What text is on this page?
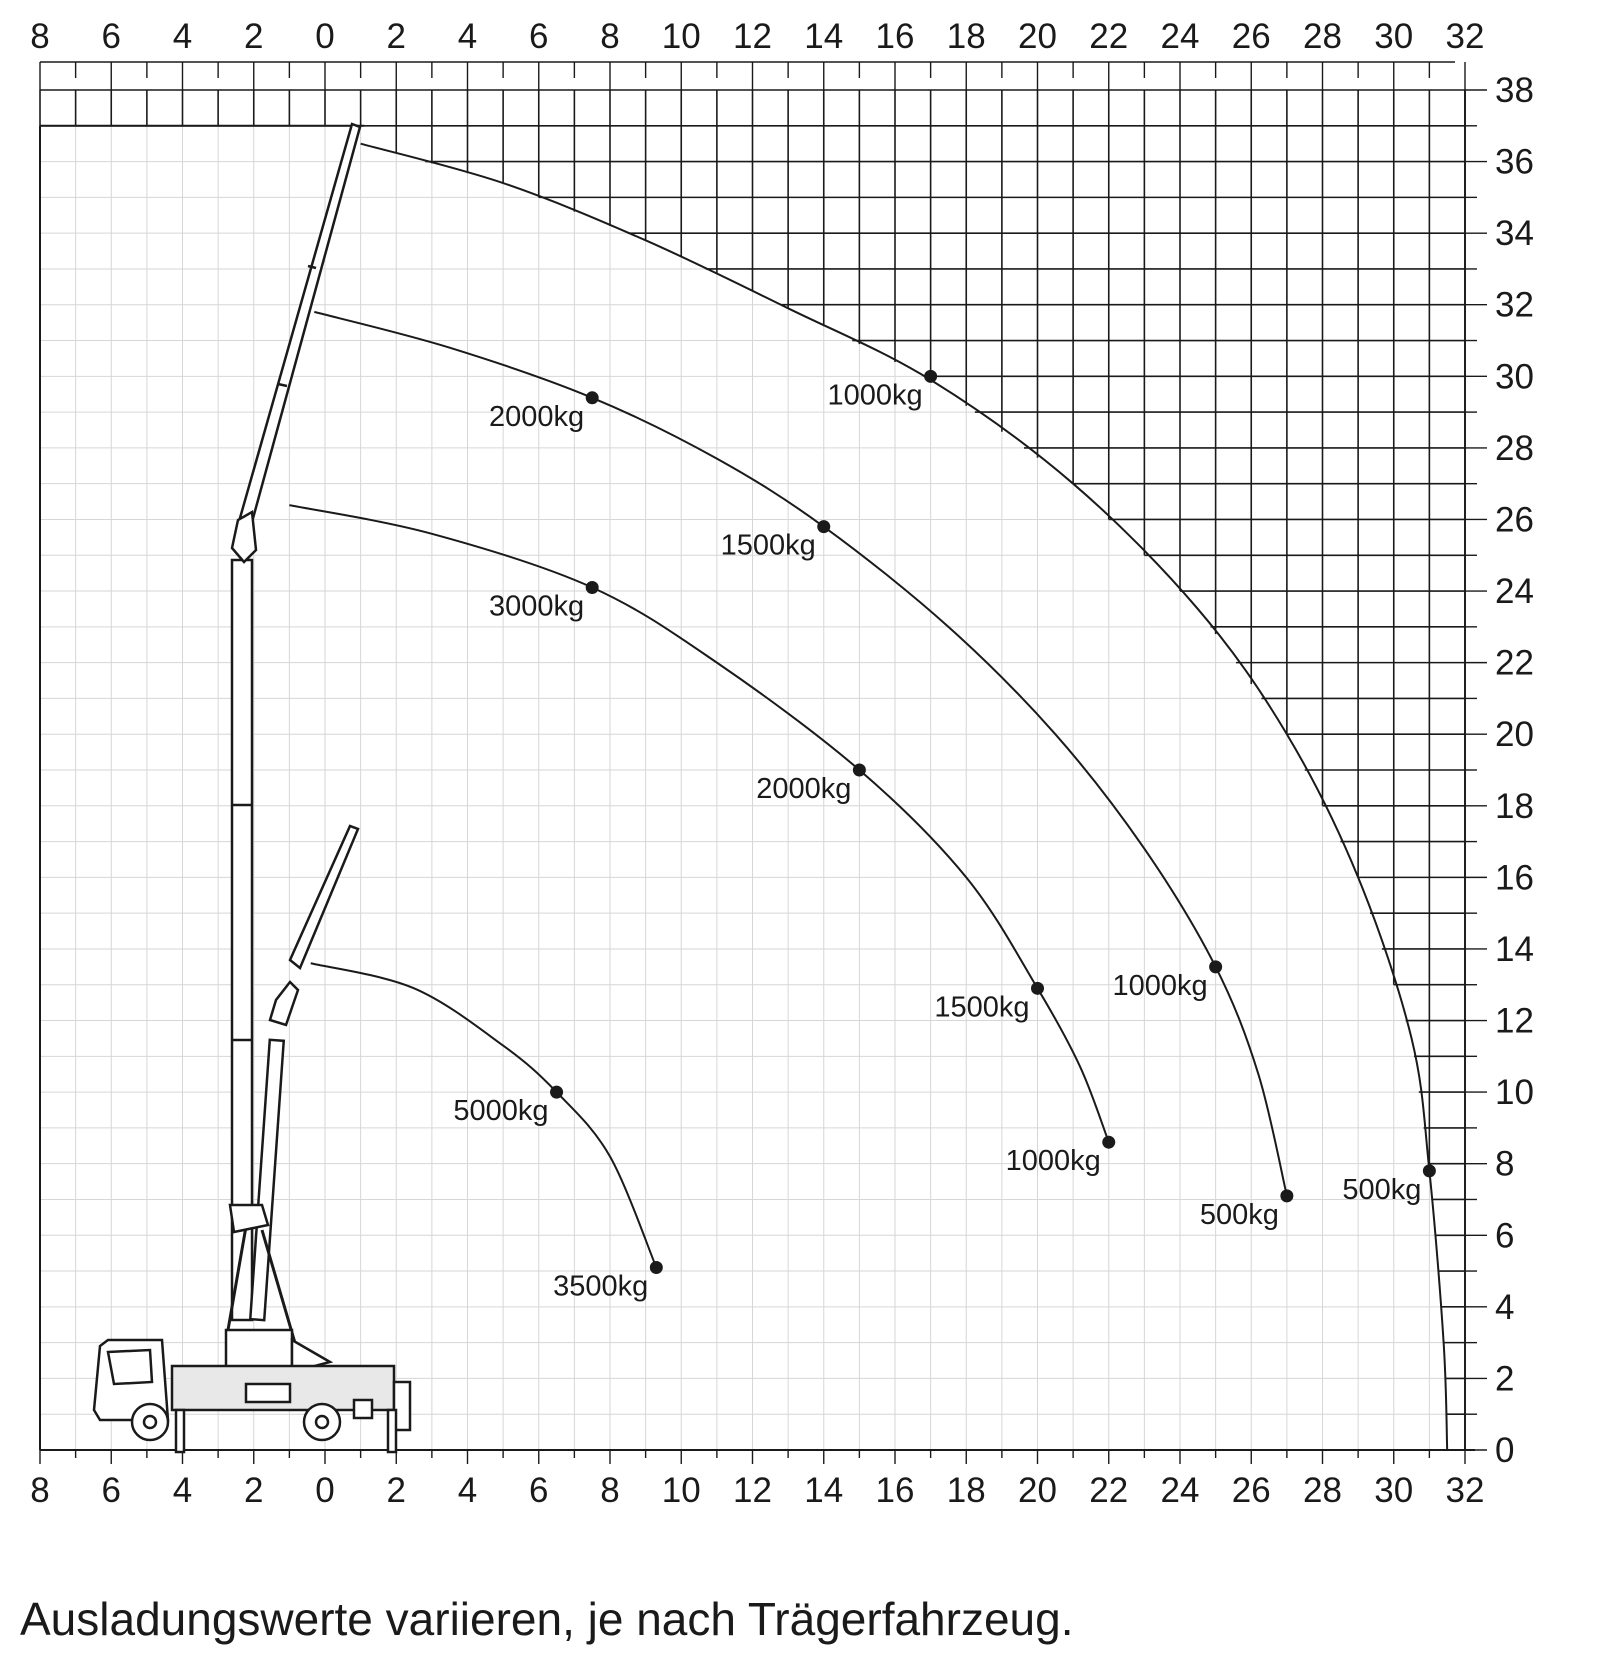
8 6 4 2 0 2 4 6 8 10 12 14 16 18 20 22 24 26 28 30 32
8 6 4 2 0 2 4 6 8 10 12 14 16 18 20 22 24 26 28 30 32
0
2
4
6
8
10
12
14
16
18
20
22
24
26
28
30
32
34
36
38
5000kg
3500kg
3000kg
2000kg
1500kg
1000kg
2000kg
1500kg
1000kg
500kg
1000kg
500kg
Ausladungswerte variieren, je nach Trägerfahrzeug.
